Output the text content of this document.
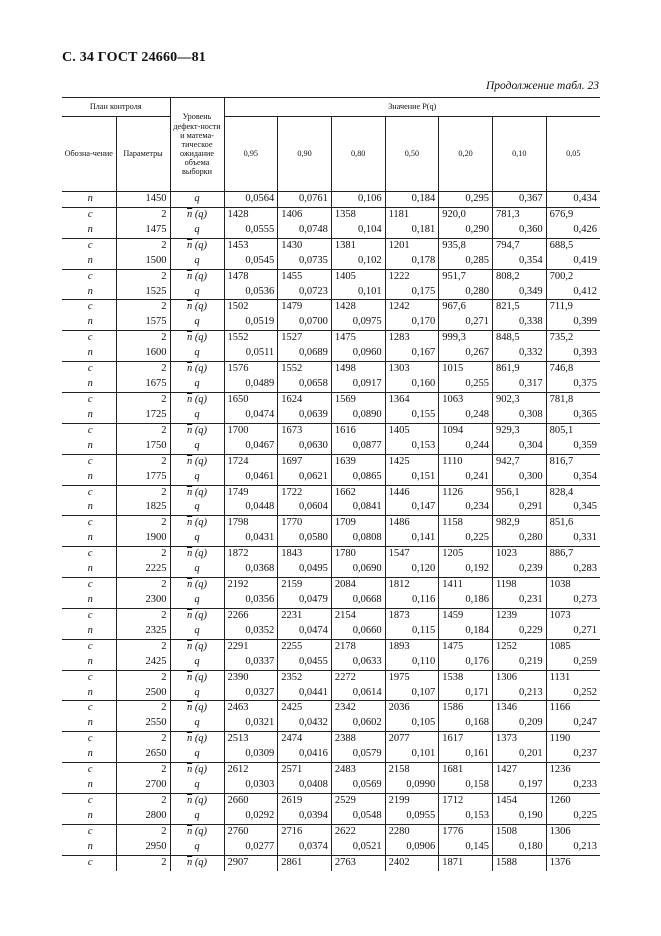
С. 34 ГОСТ 24660—81
Продолжение табл. 23
План контроля		Уровень дефект-ности и матема-тическое ожидание объема выборки	Значение P(q)						
Обозна-чение	Параметры		0,95	0,90	0,80	0,50	0,20	0,10	0,05
n	1450	q	0,0564	0,0761	0,106	0,184	0,295	0,367	0,434
c	2	$\overline{n}$ (q)	1428	1406	1358	1181	920,0	781,3	676,9
n	1475	q	0,0555	0,0748	0,104	0,181	0,290	0,360	0,426
c	2	$\overline{n}$ (q)	1453	1430	1381	1201	935,8	794,7	688,5
n	1500	q	0,0545	0,0735	0,102	0,178	0,285	0,354	0,419
c	2	$\overline{n}$ (q)	1478	1455	1405	1222	951,7	808,2	700,2
n	1525	q	0,0536	0,0723	0,101	0,175	0,280	0,349	0,412
c	2	$\overline{n}$ (q)	1502	1479	1428	1242	967,6	821,5	711,9
n	1575	q	0,0519	0,0700	0,0975	0,170	0,271	0,338	0,399
c	2	$\overline{n}$ (q)	1552	1527	1475	1283	999,3	848,5	735,2
n	1600	q	0,0511	0,0689	0,0960	0,167	0,267	0,332	0,393
c	2	$\overline{n}$ (q)	1576	1552	1498	1303	1015	861,9	746,8
n	1675	q	0,0489	0,0658	0,0917	0,160	0,255	0,317	0,375
c	2	$\overline{n}$ (q)	1650	1624	1569	1364	1063	902,3	781,8
n	1725	q	0,0474	0,0639	0,0890	0,155	0,248	0,308	0,365
c	2	$\overline{n}$ (q)	1700	1673	1616	1405	1094	929,3	805,1
n	1750	q	0,0467	0,0630	0,0877	0,153	0,244	0,304	0,359
c	2	$\overline{n}$ (q)	1724	1697	1639	1425	1110	942,7	816,7
n	1775	q	0,0461	0,0621	0,0865	0,151	0,241	0,300	0,354
c	2	$\overline{n}$ (q)	1749	1722	1662	1446	1126	956,1	828,4
n	1825	q	0,0448	0,0604	0,0841	0,147	0,234	0,291	0,345
c	2	$\overline{n}$ (q)	1798	1770	1709	1486	1158	982,9	851,6
n	1900	q	0,0431	0,0580	0,0808	0,141	0,225	0,280	0,331
c	2	$\overline{n}$ (q)	1872	1843	1780	1547	1205	1023	886,7
n	2225	q	0,0368	0,0495	0,0690	0,120	0,192	0,239	0,283
c	2	$\overline{n}$ (q)	2192	2159	2084	1812	1411	1198	1038
n	2300	q	0,0356	0,0479	0,0668	0,116	0,186	0,231	0,273
c	2	$\overline{n}$ (q)	2266	2231	2154	1873	1459	1239	1073
n	2325	q	0,0352	0,0474	0,0660	0,115	0,184	0,229	0,271
c	2	$\overline{n}$ (q)	2291	2255	2178	1893	1475	1252	1085
n	2425	q	0,0337	0,0455	0,0633	0,110	0,176	0,219	0,259
c	2	$\overline{n}$ (q)	2390	2352	2272	1975	1538	1306	1131
n	2500	q	0,0327	0,0441	0,0614	0,107	0,171	0,213	0,252
c	2	$\overline{n}$ (q)	2463	2425	2342	2036	1586	1346	1166
n	2550	q	0,0321	0,0432	0,0602	0,105	0,168	0,209	0,247
c	2	$\overline{n}$ (q)	2513	2474	2388	2077	1617	1373	1190
n	2650	q	0,0309	0,0416	0,0579	0,101	0,161	0,201	0,237
c	2	$\overline{n}$ (q)	2612	2571	2483	2158	1681	1427	1236
n	2700	q	0,0303	0,0408	0,0569	0,0990	0,158	0,197	0,233
c	2	$\overline{n}$ (q)	2660	2619	2529	2199	1712	1454	1260
n	2800	q	0,0292	0,0394	0,0548	0,0955	0,153	0,190	0,225
c	2	$\overline{n}$ (q)	2760	2716	2622	2280	1776	1508	1306
n	2950	q	0,0277	0,0374	0,0521	0,0906	0,145	0,180	0,213
c	2	$\overline{n}$ (q)	2907	2861	2763	2402	1871	1588	1376
